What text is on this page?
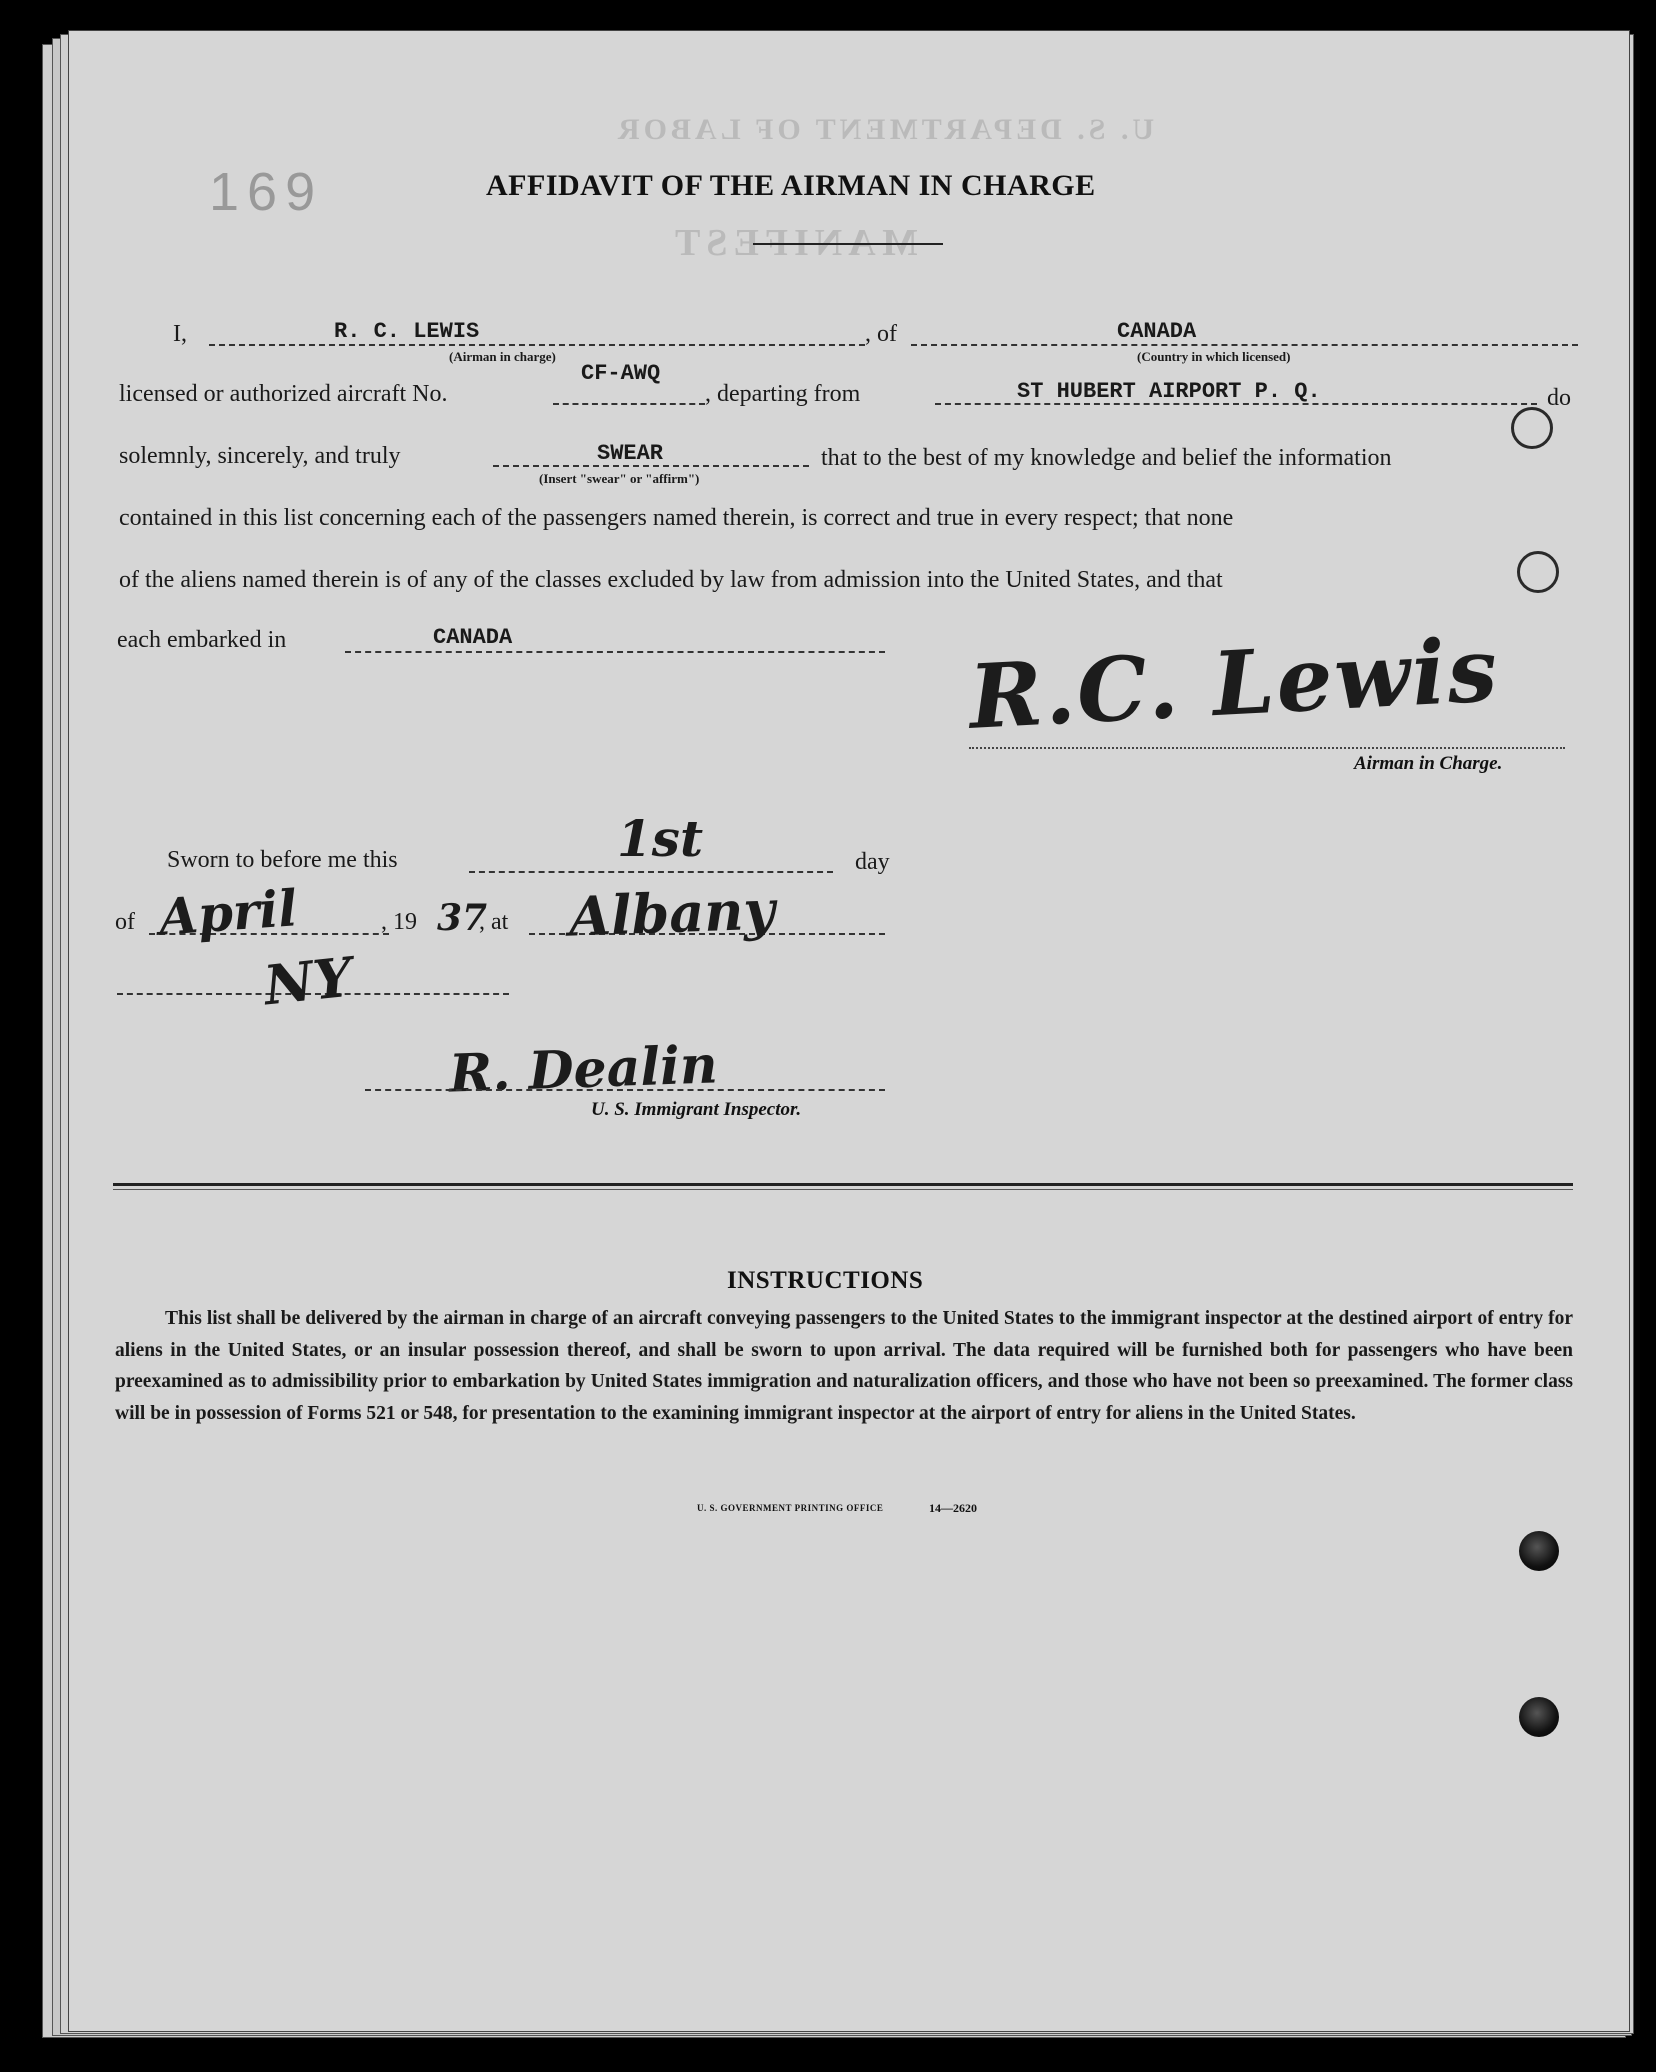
U. S. DEPARTMENT OF LABOR
MANIFEST
169	AFFIDAVIT OF THE AIRMAN IN CHARGE
I,	R. C. LEWIS
(Airman in charge)
, of	CANADA
(Country in which licensed)
licensed or authorized aircraft No.
CF-AWQ
, departing from	ST HUBERT AIRPORT P. Q.	do
solemnly, sincerely, and truly	SWEAR
(Insert "swear" or "affirm")
that to the best of my knowledge and belief the information
contained in this list concerning each of the passengers named therein, is correct and true in every respect; that none
of the aliens named therein is of any of the classes excluded by law from admission into the United States, and that
each embarked in	CANADA	R.C. Lewis
Airman in Charge.
Sworn to before me this	1st	day
of April	, 19 37
, at Albany
NY
R. Dealin
U. S. Immigrant Inspector.
INSTRUCTIONS
This list shall be delivered by the airman in charge of an aircraft conveying passengers to the United States to the immigrant inspector at the destined airport of entry for aliens in the United States, or an insular possession thereof, and shall be sworn to upon arrival. The data required will be furnished both for passengers who have been preexamined as to admissibility prior to embarkation by United States immigration and naturalization officers, and those who have not been so preexamined. The former class will be in possession of Forms 521 or 548, for presentation to the examining immigrant inspector at the airport of entry for aliens in the United States.
U. S. GOVERNMENT PRINTING OFFICE	14—2620
